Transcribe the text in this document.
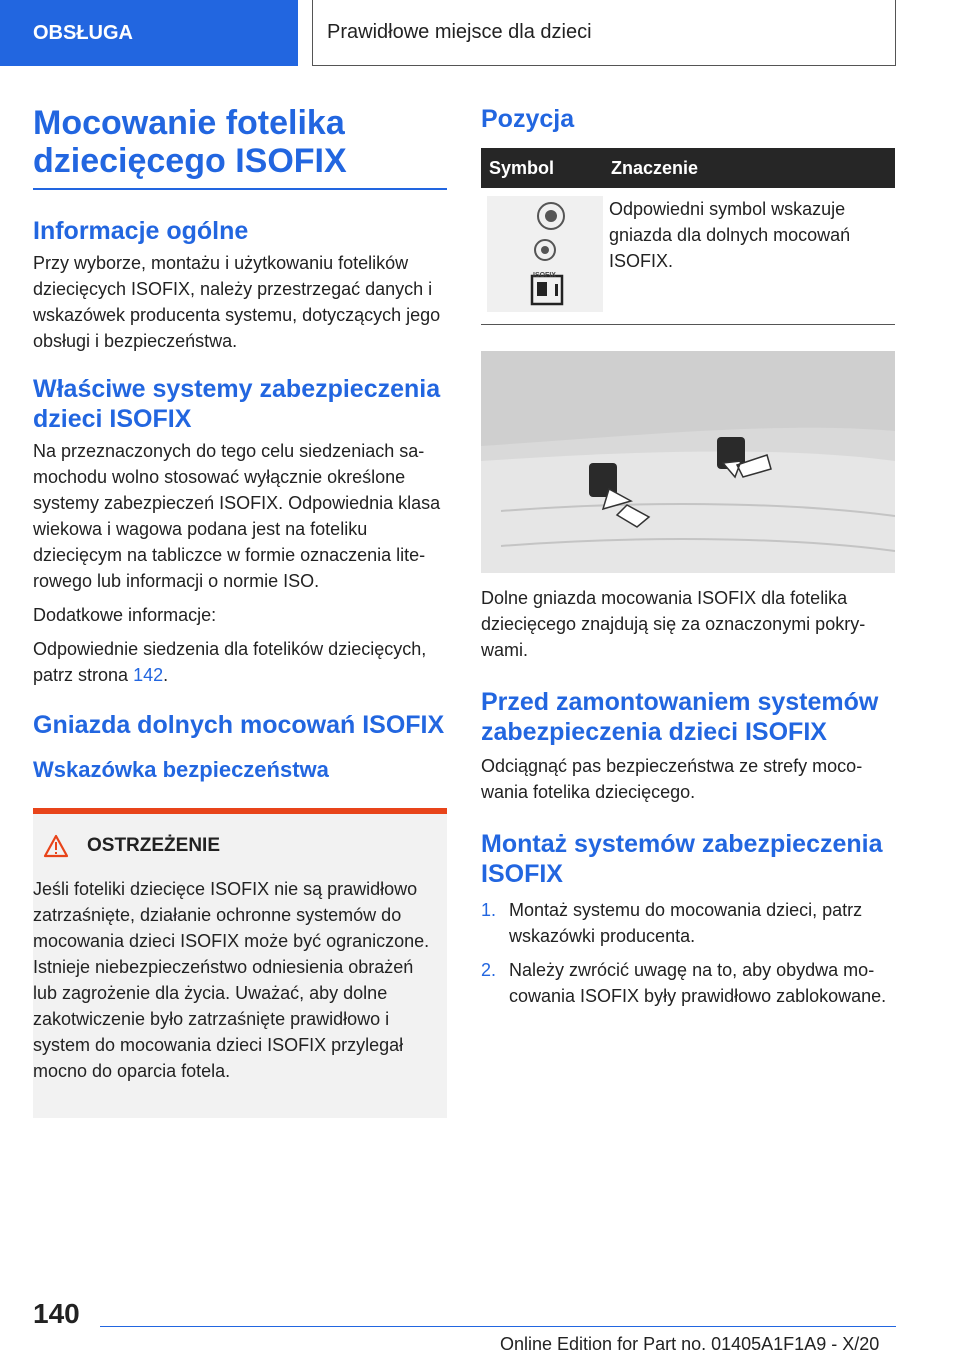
OBSŁUGA	Prawidłowe miejsce dla dzieci
Mocowanie fotelika dziecięcego ISOFIX
Informacje ogólne

Przy wyborze, montażu i użytkowaniu fotelików dziecięcych ISOFIX, należy przestrzegać danych i wskazówek producenta systemu, dotyczących jego obsługi i bezpieczeństwa.

Właściwe systemy zabezpieczenia dzieci ISOFIX

Na przeznaczonych do tego celu siedzeniach samochodu wolno stosować wyłącznie określone systemy zabezpieczeń ISOFIX. Odpowiednia klasa wiekowa i wagowa podana jest na foteliku dziecięcym na tabliczce w formie oznaczenia literowego lub informacji o normie ISO.

Dodatkowe informacje:

Odpowiednie siedzenia dla fotelików dziecięcych, patrz strona 142.

Gniazda dolnych mocowań ISOFIX
Wskazówka bezpieczeństwa
OSTRZEŻENIE

Jeśli foteliki dziecięce ISOFIX nie są prawidłowo zatrzaśnięte, działanie ochronne systemów do mocowania dzieci ISOFIX może być ograniczone. Istnieje niebezpieczeństwo odniesienia obrażeń lub zagrożenie dla życia. Uważać, aby dolne zakotwiczenie było zatrzaśnięte prawidłowo i system do mocowania dzieci ISOFIX przylegał mocno do oparcia fotela.

Pozycja
Symbol	Znaczenie

ISOFIX	Odpowiedni symbol wskazuje gniazda dla dolnych mocowań ISOFIX.

Dolne gniazda mocowania ISOFIX dla fotelika dziecięcego znajdują się za oznaczonymi pokrywami.

Przed zamontowaniem systemów zabezpieczenia dzieci ISOFIX

Odciągnąć pas bezpieczeństwa ze strefy mocowania fotelika dziecięcego.

Montaż systemów zabezpieczenia ISOFIX
1. Montaż systemu do mocowania dzieci, patrz wskazówki producenta.
2. Należy zwrócić uwagę na to, aby obydwa mocowania ISOFIX były prawidłowo zablokowane.
140
Online Edition for Part no. 01405A1F1A9 - X/20
